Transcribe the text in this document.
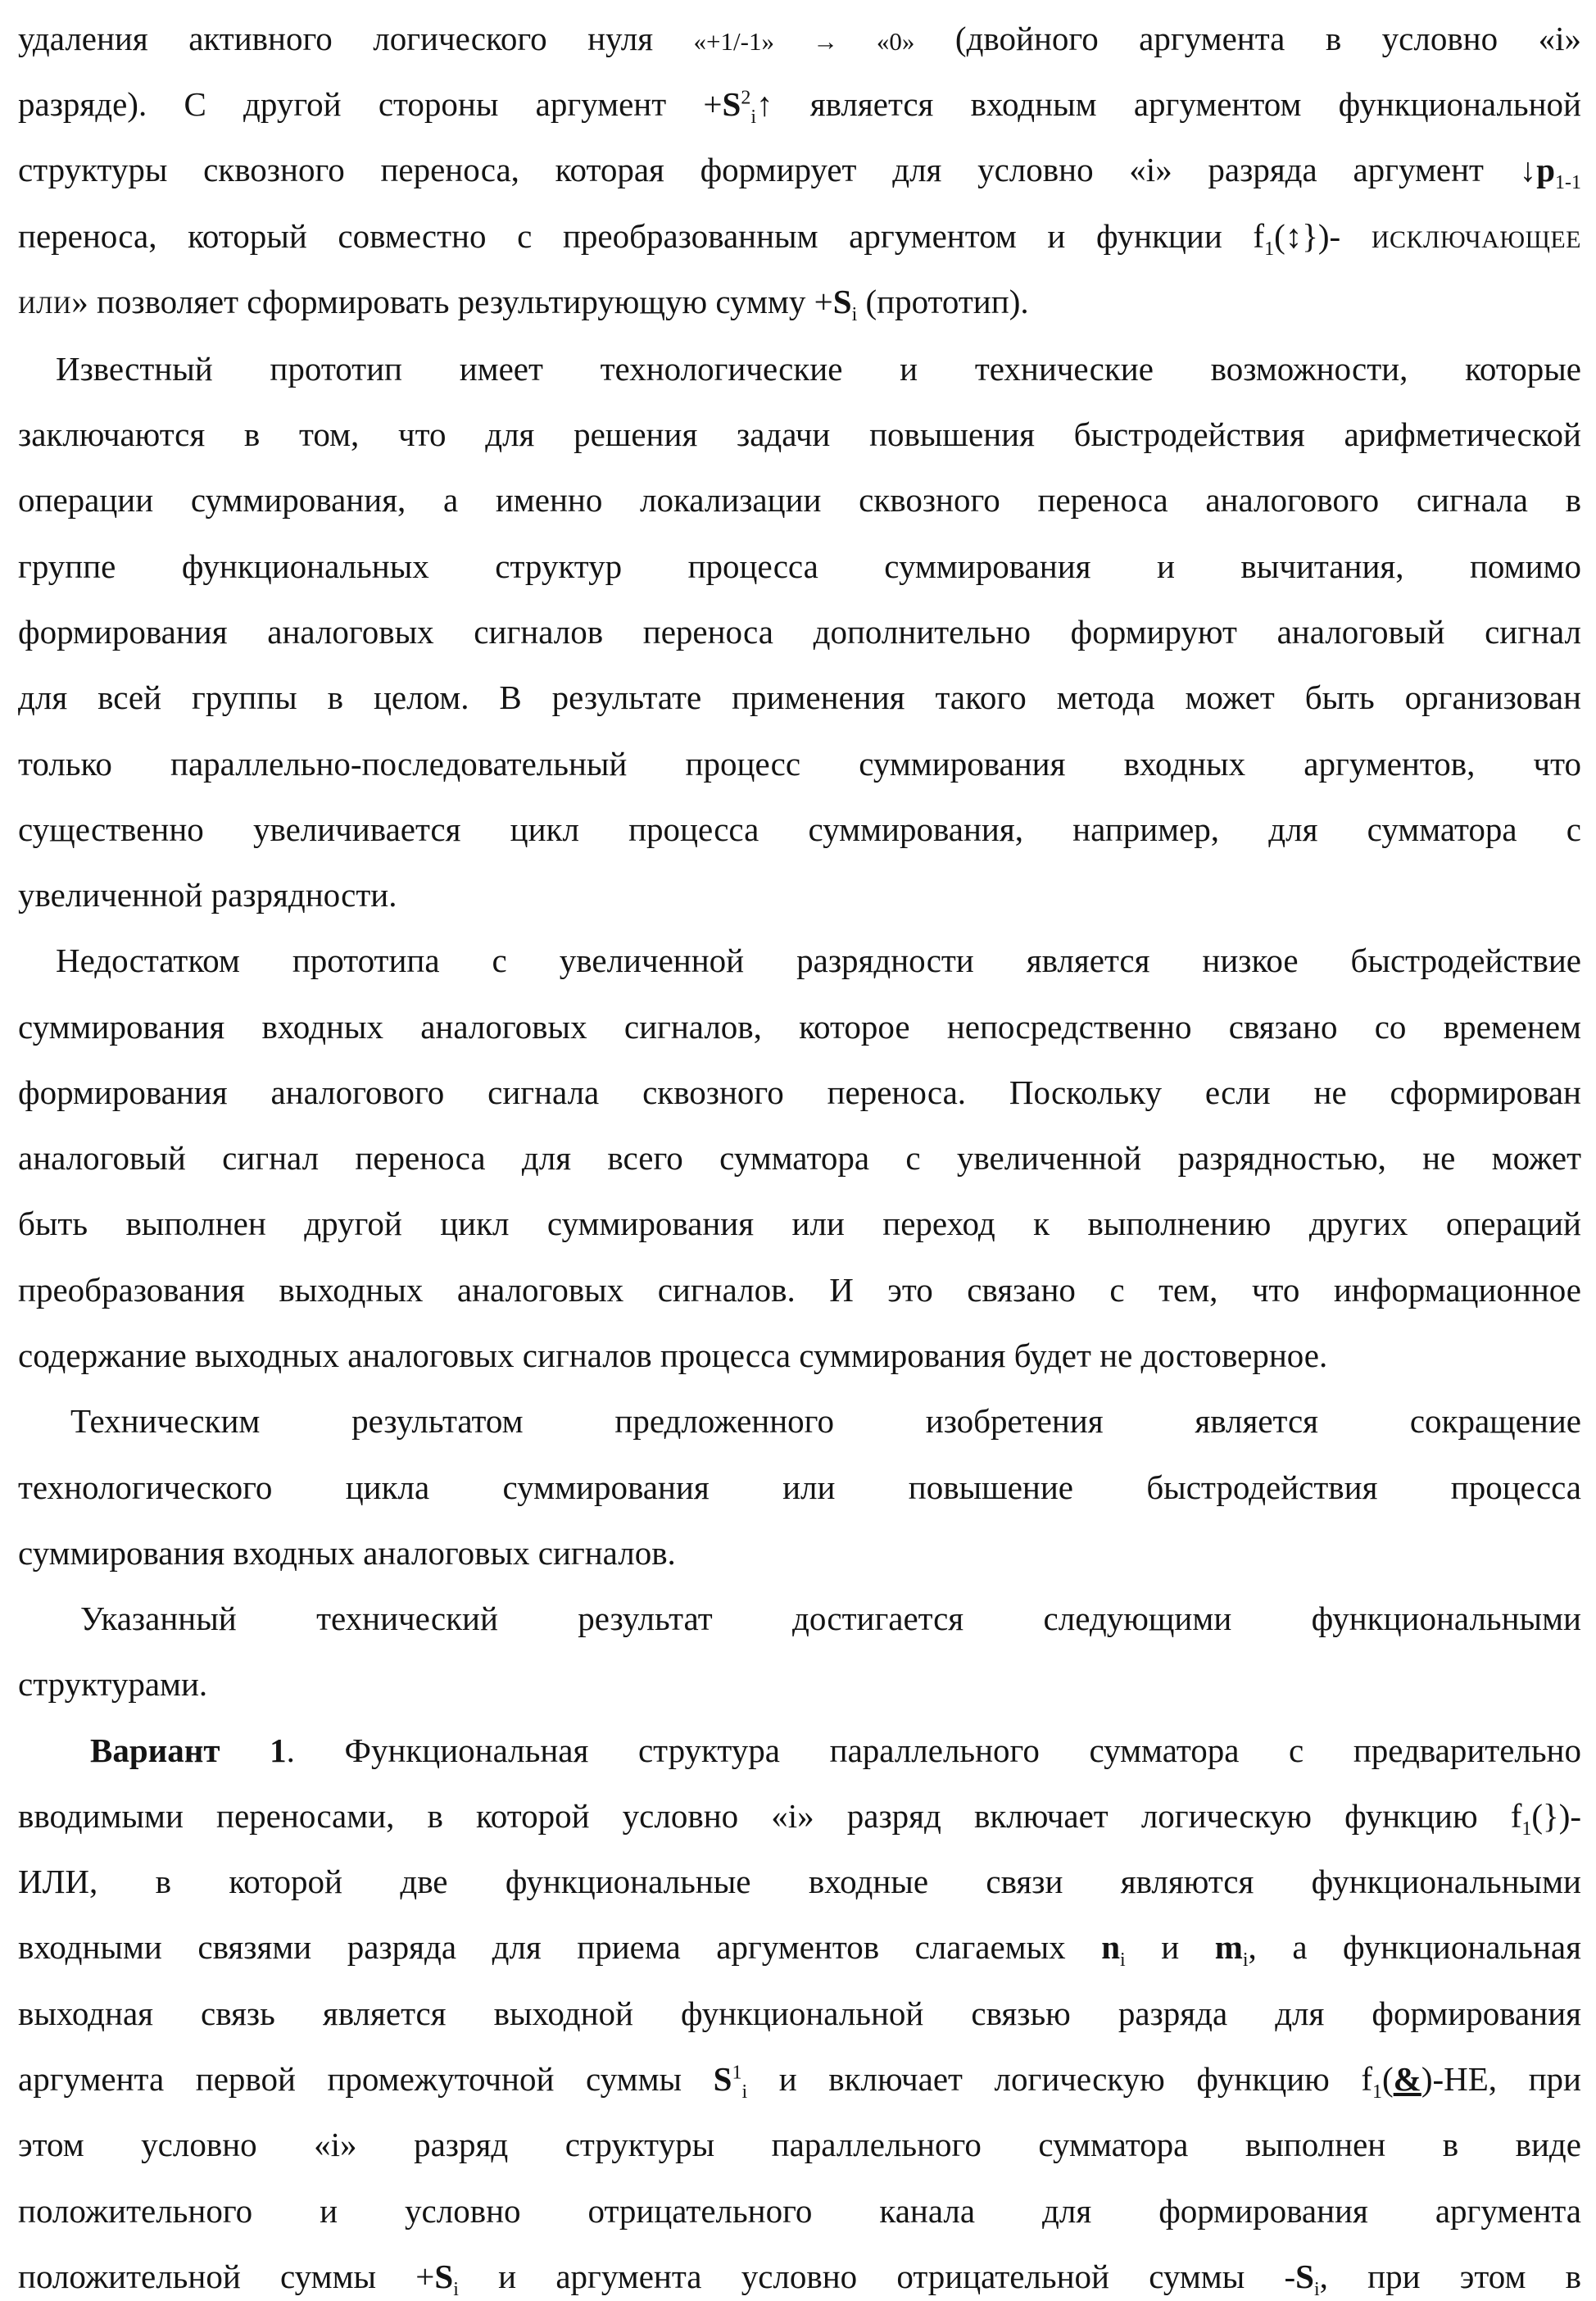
удаления активного логического нуля «+1/-1» → «0» (двойного аргумента в условно «i»
разряде). С другой стороны аргумент +S2i↑ является входным аргументом функциональной
структуры сквозного переноса, которая формирует для условно «i» разряда аргумент ↓p1-1
переноса, который совместно с преобразованным аргументом и функции f1(↕})- ИСКЛЮЧАЮЩЕЕ
ИЛИ» позволяет сформировать результирующую сумму +Si (прототип).
Известный прототип имеет технологические и технические возможности, которые
заключаются в том, что для решения задачи повышения быстродействия арифметической
операции суммирования, а именно локализации сквозного переноса аналогового сигнала в
группе функциональных структур процесса суммирования и вычитания, помимо
формирования аналоговых сигналов переноса дополнительно формируют аналоговый сигнал
для всей группы в целом. В результате применения такого метода может быть организован
только параллельно-последовательный процесс суммирования входных аргументов, что
существенно увеличивается цикл процесса суммирования, например, для сумматора с
увеличенной разрядности.
Недостатком прототипа с увеличенной разрядности является низкое быстродействие
суммирования входных аналоговых сигналов, которое непосредственно связано со временем
формирования аналогового сигнала сквозного переноса. Поскольку если не сформирован
аналоговый сигнал переноса для всего сумматора с увеличенной разрядностью, не может
быть выполнен другой цикл суммирования или переход к выполнению других операций
преобразования выходных аналоговых сигналов. И это связано с тем, что информационное
содержание выходных аналоговых сигналов процесса суммирования будет не достоверное.
Техническим результатом предложенного изобретения является сокращение
технологического цикла суммирования или повышение быстродействия процесса
суммирования входных аналоговых сигналов.
Указанный технический результат достигается следующими функциональными
структурами.
Вариант 1. Функциональная структура параллельного сумматора с предварительно
вводимыми переносами, в которой условно «i» разряд включает логическую функцию f1(})-
ИЛИ, в которой две функциональные входные связи являются функциональными
входными связями разряда для приема аргументов слагаемых ni и mi, а функциональная
выходная связь является выходной функциональной связью разряда для формирования
аргумента первой промежуточной суммы S1i и включает логическую функцию f1(&)-НЕ, при
этом условно «i» разряд структуры параллельного сумматора выполнен в виде
положительного и условно отрицательного канала для формирования аргумента
положительной суммы +Si и аргумента условно отрицательной суммы -Si, при этом в
